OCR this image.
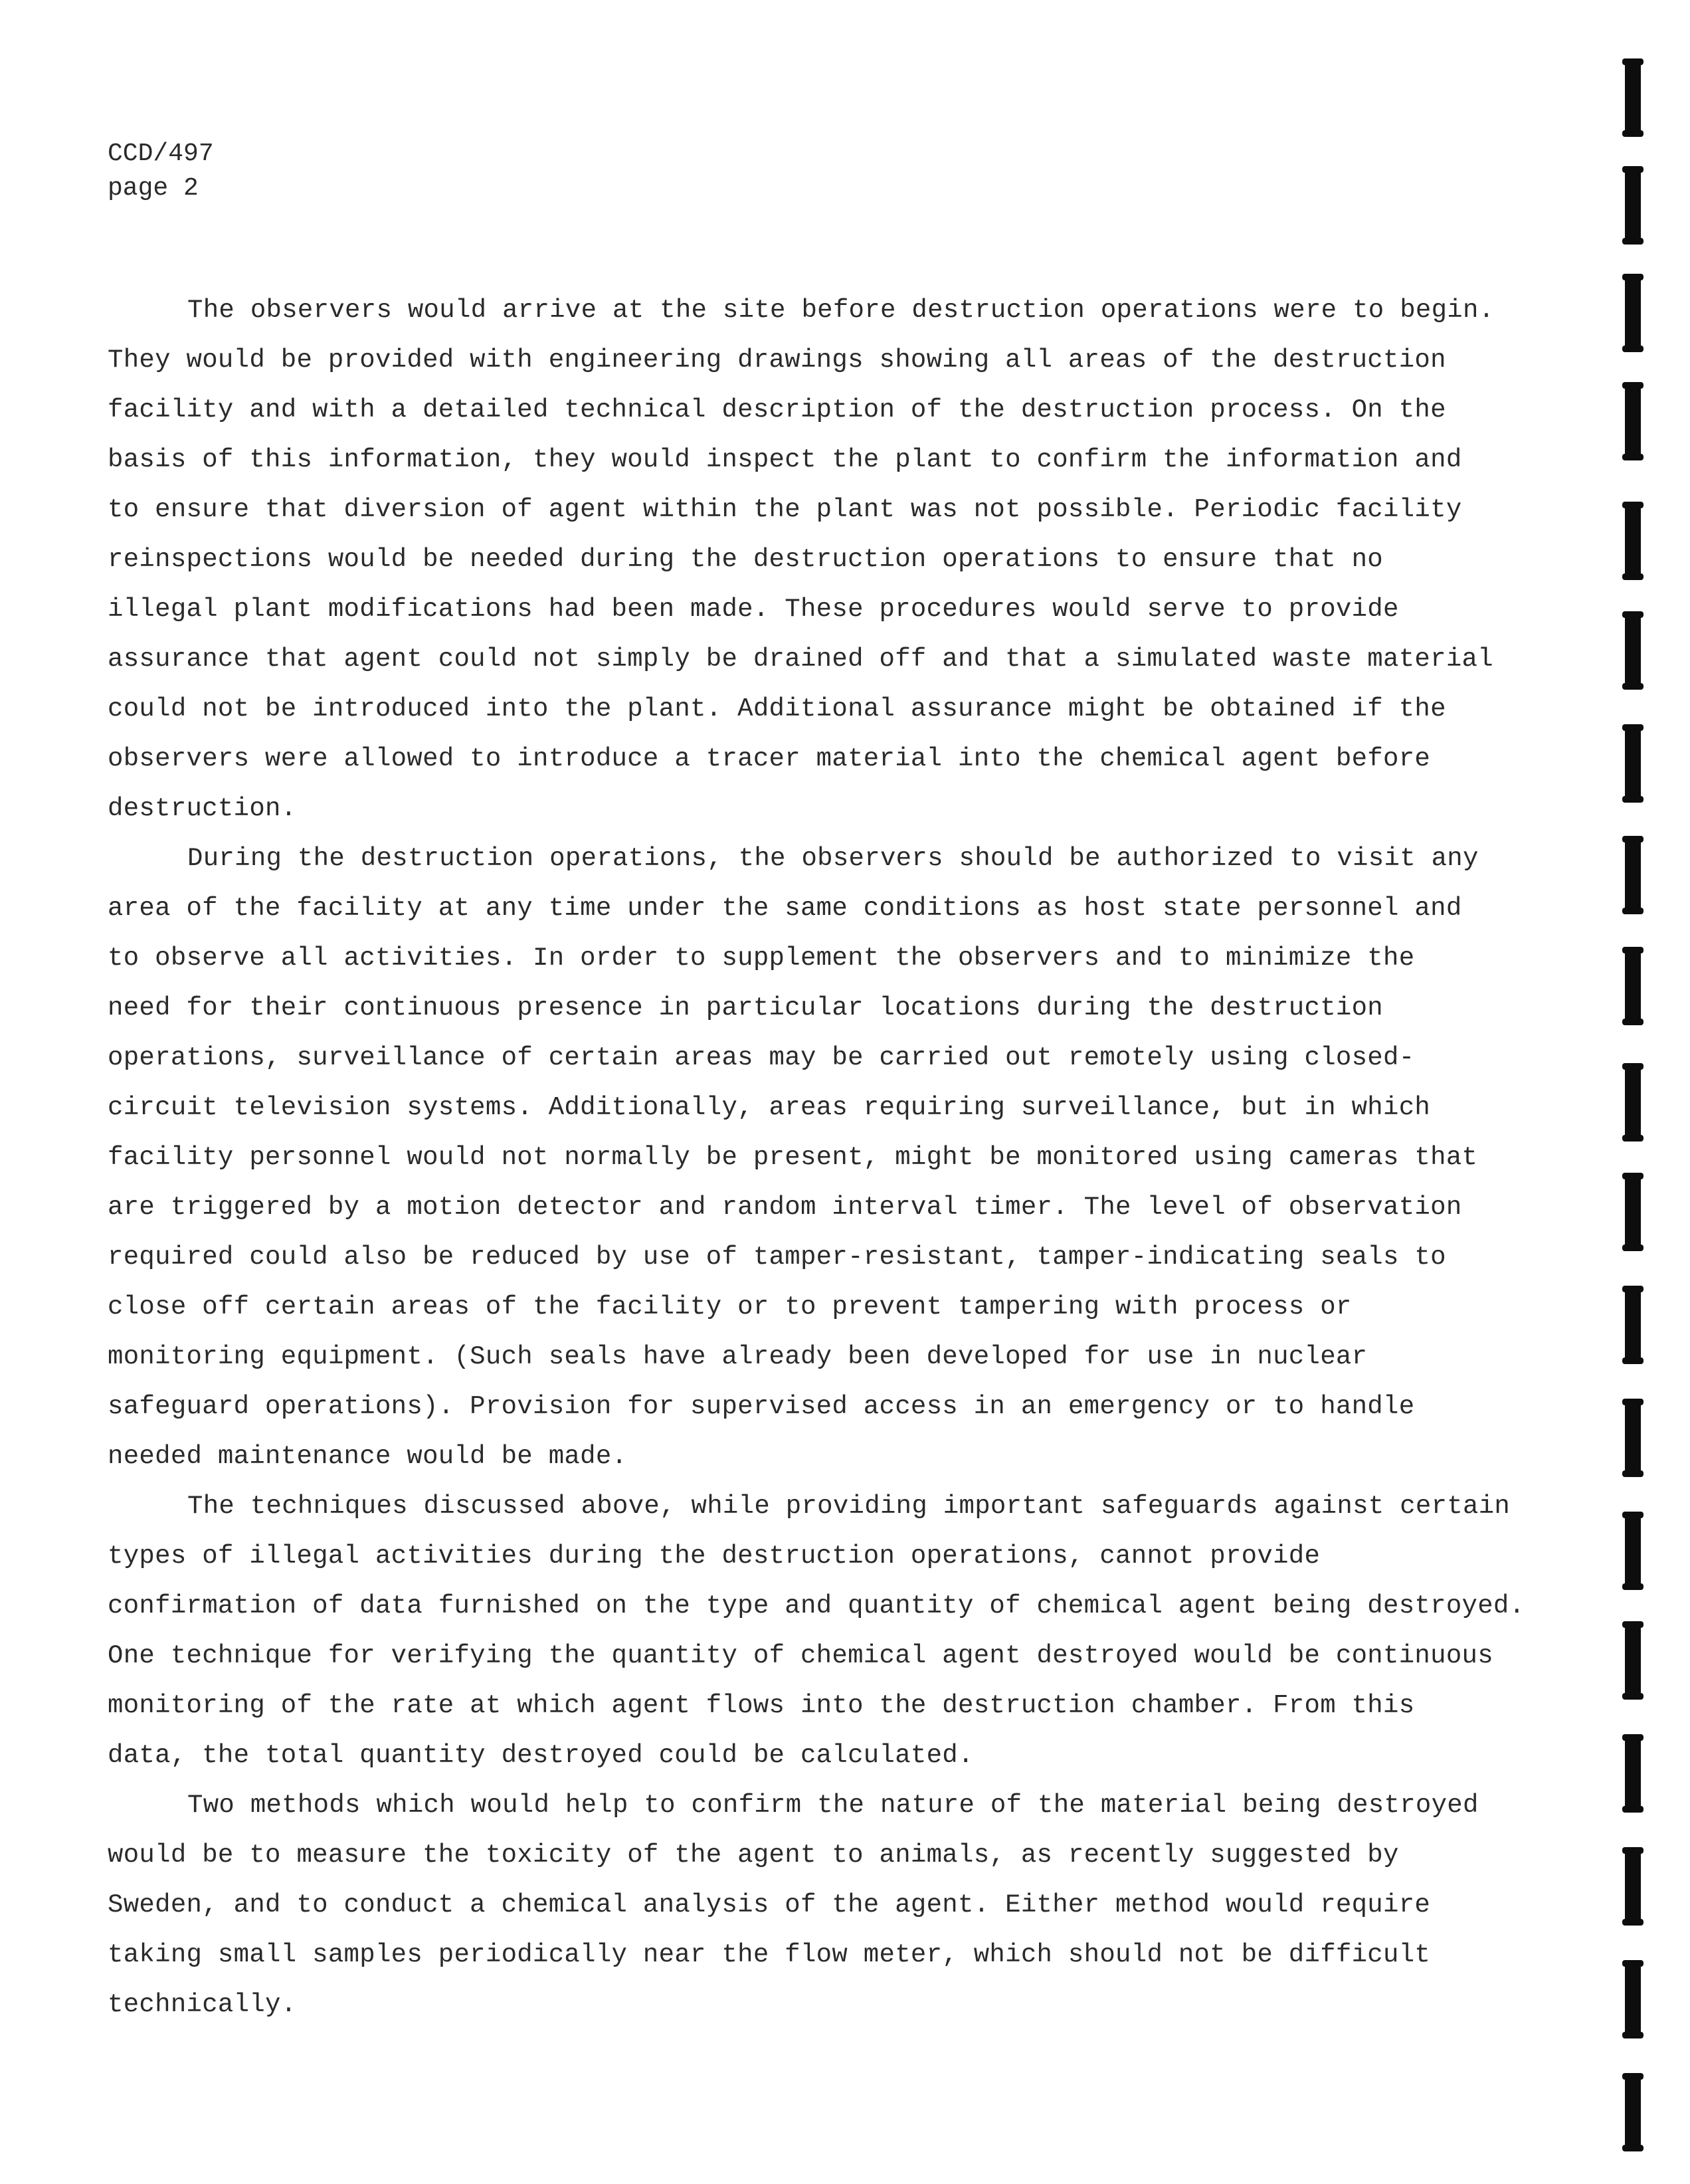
CCD/497
page 2
The observers would arrive at the site before destruction operations were to begin.
They would be provided with engineering drawings showing all areas of the destruction
facility and with a detailed technical description of the destruction process. On the
basis of this information, they would inspect the plant to confirm the information and
to ensure that diversion of agent within the plant was not possible. Periodic facility
reinspections would be needed during the destruction operations to ensure that no
illegal plant modifications had been made. These procedures would serve to provide
assurance that agent could not simply be drained off and that a simulated waste material
could not be introduced into the plant. Additional assurance might be obtained if the
observers were allowed to introduce a tracer material into the chemical agent before
destruction.
During the destruction operations, the observers should be authorized to visit any
area of the facility at any time under the same conditions as host state personnel and
to observe all activities. In order to supplement the observers and to minimize the
need for their continuous presence in particular locations during the destruction
operations, surveillance of certain areas may be carried out remotely using closed-
circuit television systems. Additionally, areas requiring surveillance, but in which
facility personnel would not normally be present, might be monitored using cameras that
are triggered by a motion detector and random interval timer. The level of observation
required could also be reduced by use of tamper-resistant, tamper-indicating seals to
close off certain areas of the facility or to prevent tampering with process or
monitoring equipment. (Such seals have already been developed for use in nuclear
safeguard operations). Provision for supervised access in an emergency or to handle
needed maintenance would be made.
The techniques discussed above, while providing important safeguards against certain
types of illegal activities during the destruction operations, cannot provide
confirmation of data furnished on the type and quantity of chemical agent being destroyed.
One technique for verifying the quantity of chemical agent destroyed would be continuous
monitoring of the rate at which agent flows into the destruction chamber. From this
data, the total quantity destroyed could be calculated.
Two methods which would help to confirm the nature of the material being destroyed
would be to measure the toxicity of the agent to animals, as recently suggested by
Sweden, and to conduct a chemical analysis of the agent. Either method would require
taking small samples periodically near the flow meter, which should not be difficult
technically.
